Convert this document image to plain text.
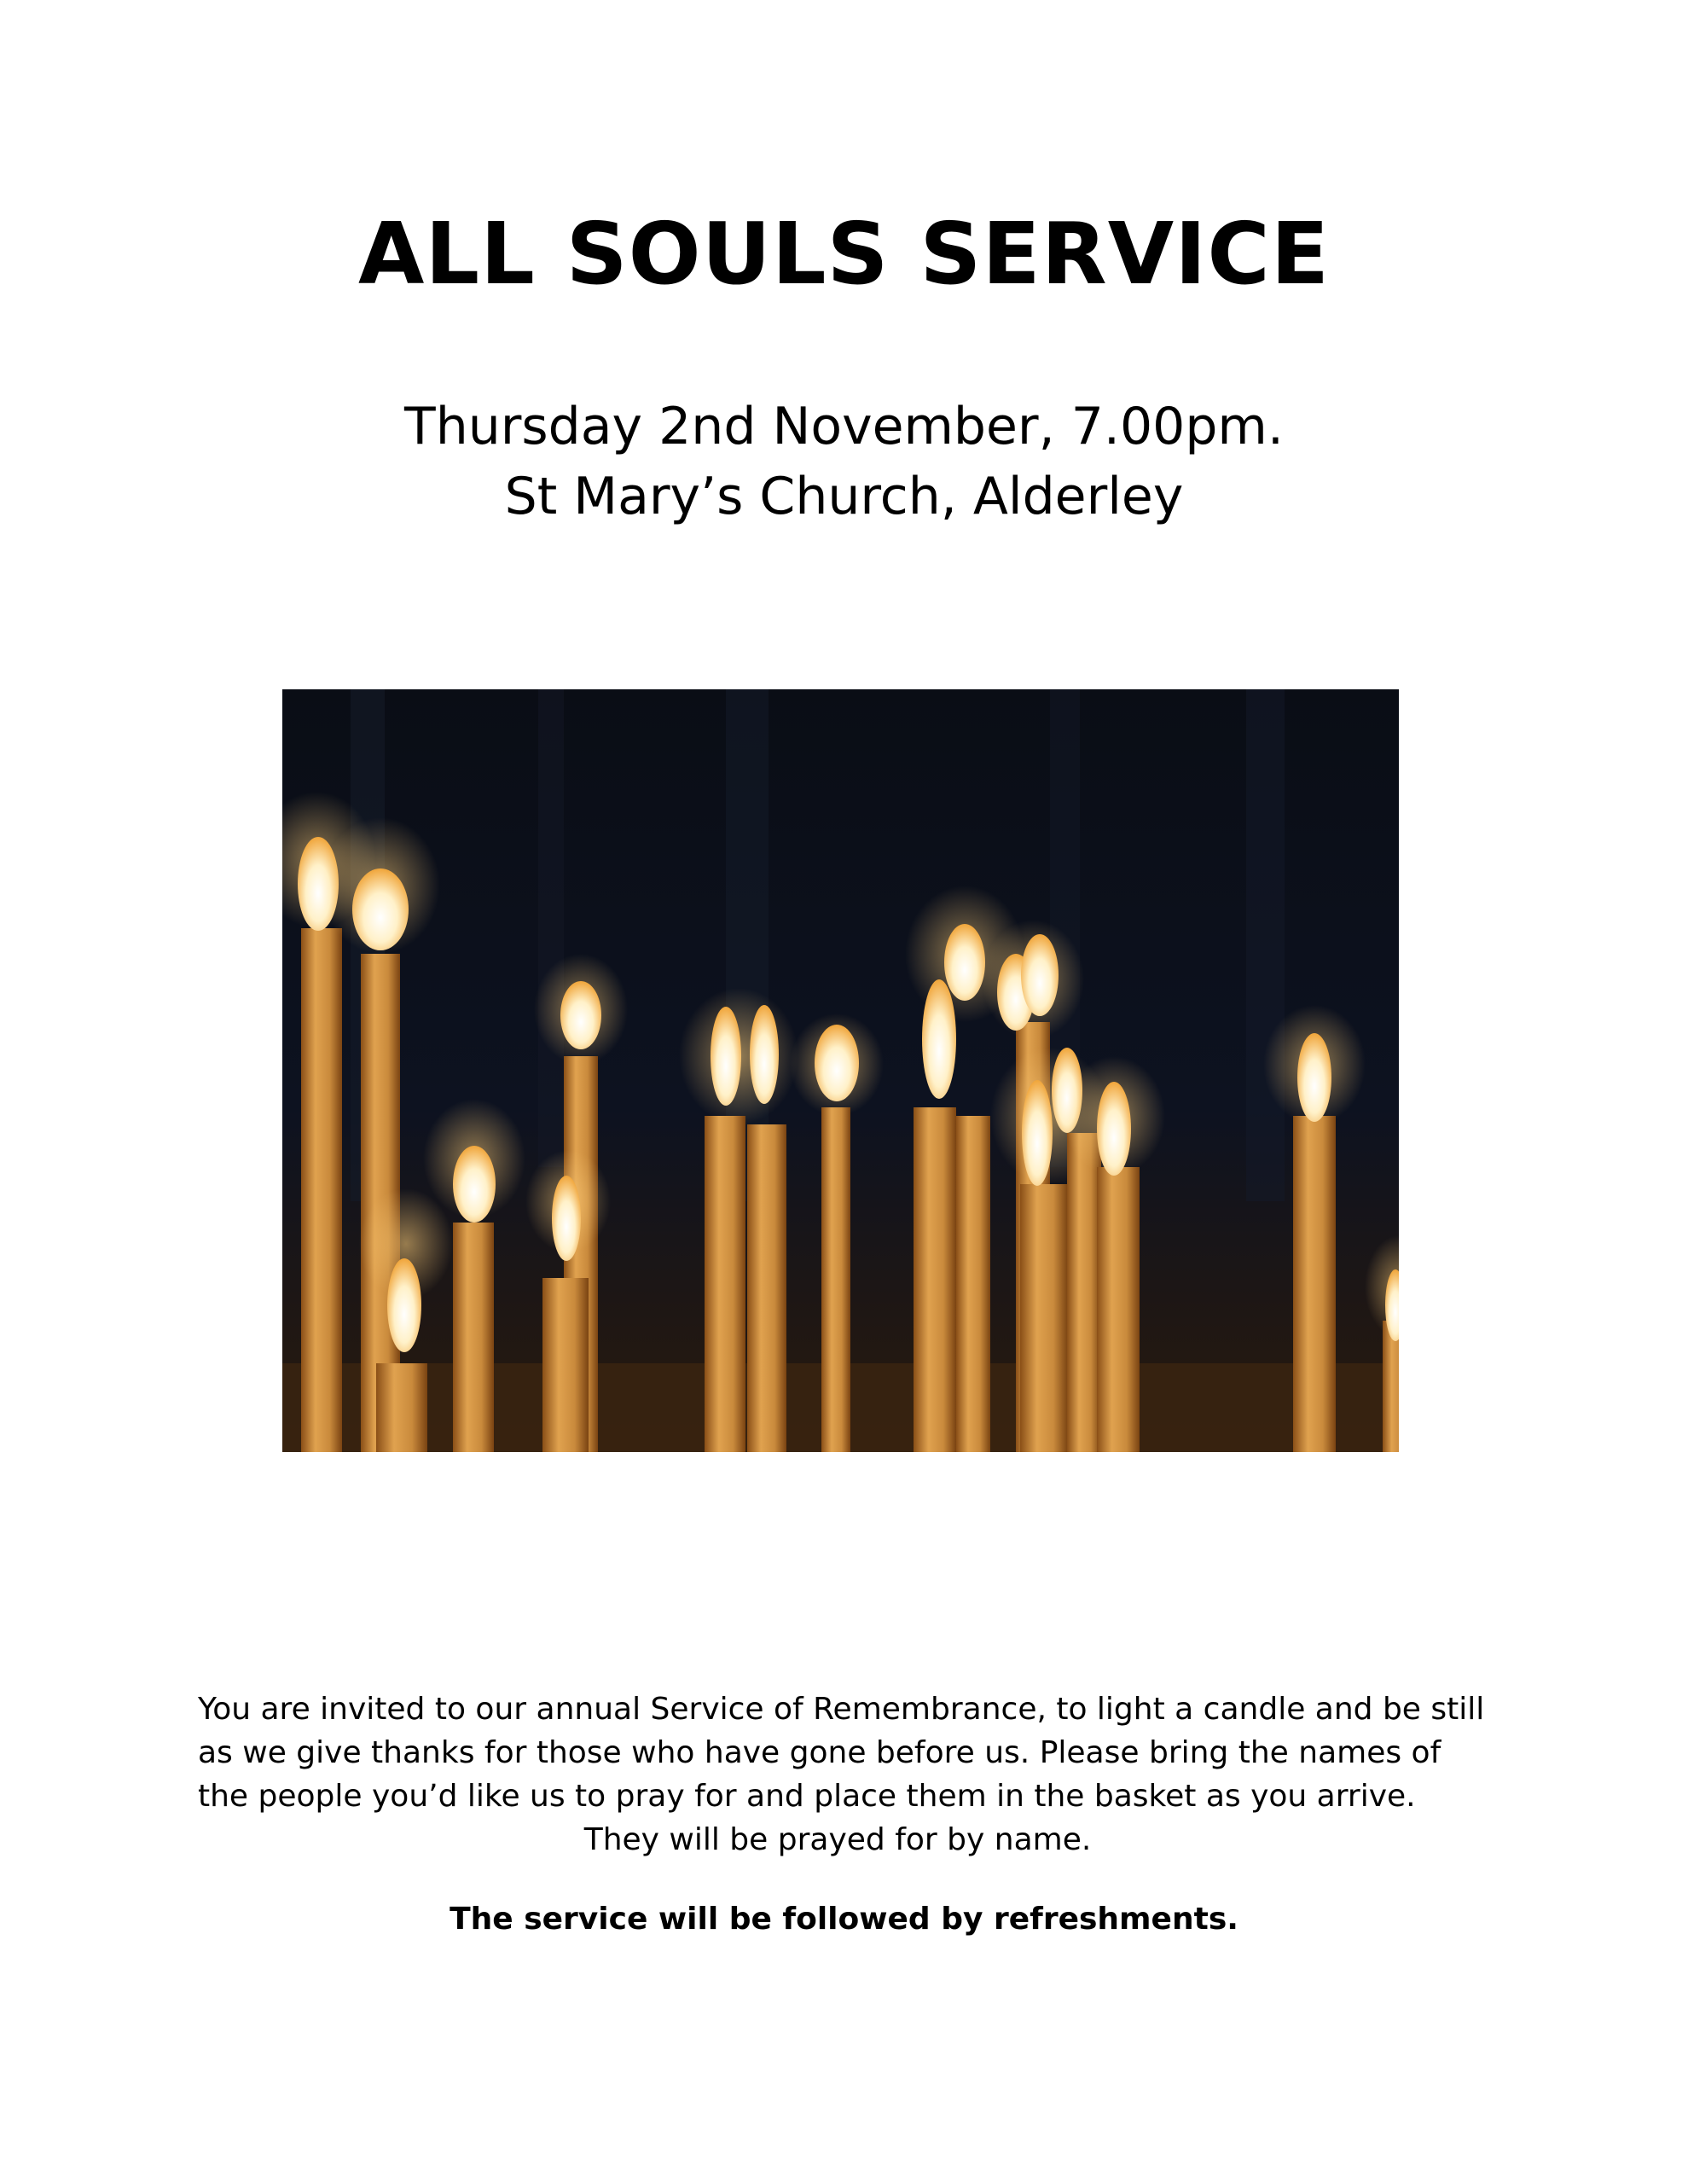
ALL SOULS SERVICE

Thursday 2nd November, 7.00pm.

St Mary’s Church, Alderley

You are invited to our annual Service of Remembrance, to light a candle and be still

as we give thanks for those who have gone before us. Please bring the names of

the people you’d like us to pray for and place them in the basket as you arrive.

They will be prayed for by name.

The service will be followed by refreshments.
